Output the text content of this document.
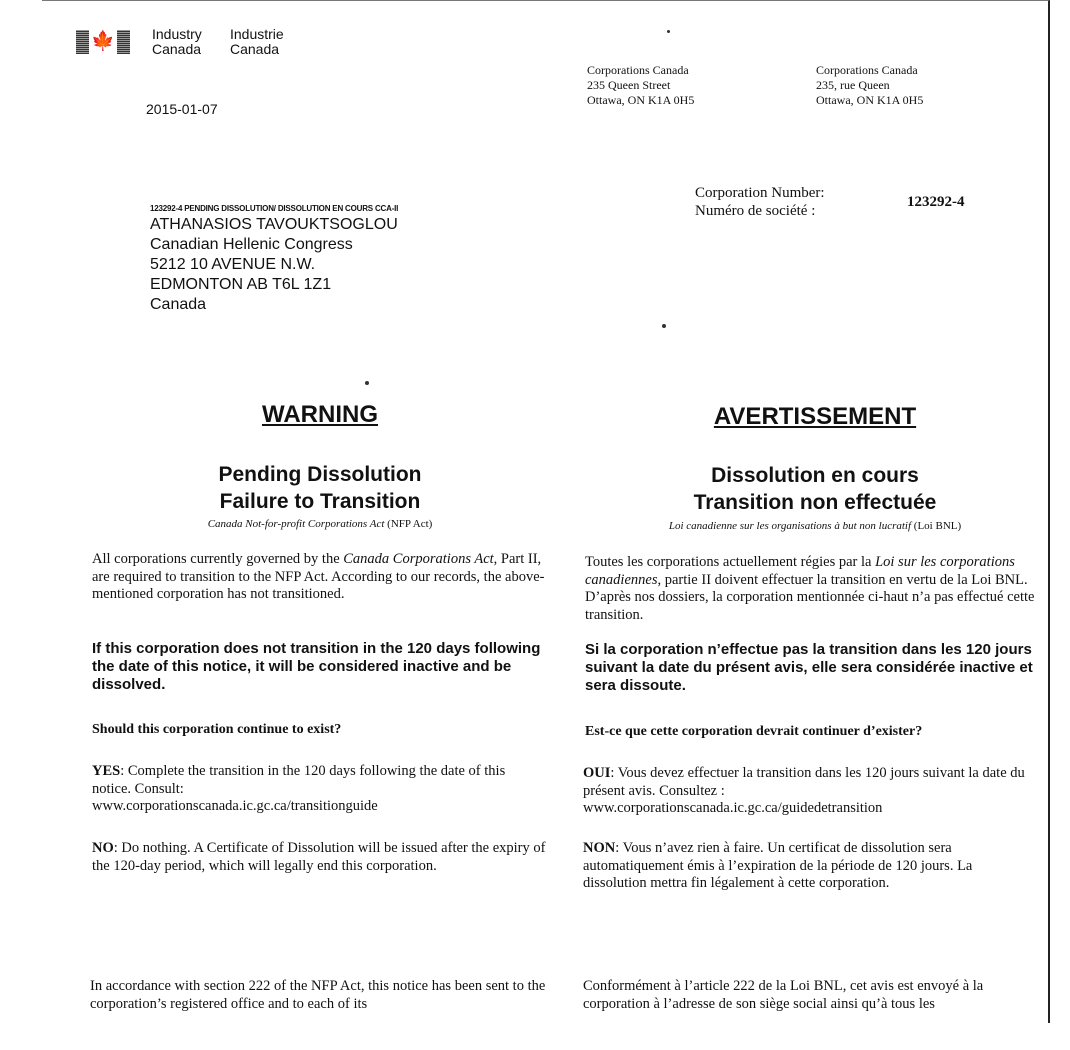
🍁	Industry
Canada
Industrie
Canada
Corporations Canada
235 Queen Street
Ottawa, ON K1A 0H5
Corporations Canada
235, rue Queen
Ottawa, ON K1A 0H5
2015-01-07
Corporation Number:
Numéro de société :
123292-4
123292-4 PENDING DISSOLUTION/ DISSOLUTION EN COURS CCA-II
ATHANASIOS TAVOUKTSOGLOU
Canadian Hellenic Congress
5212 10 AVENUE N.W.
EDMONTON AB T6L 1Z1
Canada
WARNING
Pending Dissolution
Failure to Transition
Canada Not-for-profit Corporations Act (NFP Act)
All corporations currently governed by the Canada Corporations Act, Part II, are required to transition to the NFP Act. According to our records, the above-mentioned corporation has not transitioned.
If this corporation does not transition in the 120 days following the date of this notice, it will be considered inactive and be dissolved.
Should this corporation continue to exist?
YES: Complete the transition in the 120 days following the date of this notice. Consult:
www.corporationscanada.ic.gc.ca/transitionguide
NO: Do nothing. A Certificate of Dissolution will be issued after the expiry of the 120-day period, which will legally end this corporation.
In accordance with section 222 of the NFP Act, this notice has been sent to the corporation’s registered office and to each of its
AVERTISSEMENT
Dissolution en cours
Transition non effectuée
Loi canadienne sur les organisations à but non lucratif (Loi BNL)
Toutes les corporations actuellement régies par la Loi sur les corporations canadiennes, partie II doivent effectuer la transition en vertu de la Loi BNL. D’après nos dossiers, la corporation mentionnée ci-haut n’a pas effectué cette transition.
Si la corporation n’effectue pas la transition dans les 120 jours suivant la date du présent avis, elle sera considérée inactive et sera dissoute.
Est-ce que cette corporation devrait continuer d’exister?
OUI: Vous devez effectuer la transition dans les 120 jours suivant la date du présent avis. Consultez :
www.corporationscanada.ic.gc.ca/guidedetransition
NON: Vous n’avez rien à faire. Un certificat de dissolution sera automatiquement émis à l’expiration de la période de 120 jours. La dissolution mettra fin légalement à cette corporation.
Conformément à l’article 222 de la Loi BNL, cet avis est envoyé à la corporation à l’adresse de son siège social ainsi qu’à tous les
